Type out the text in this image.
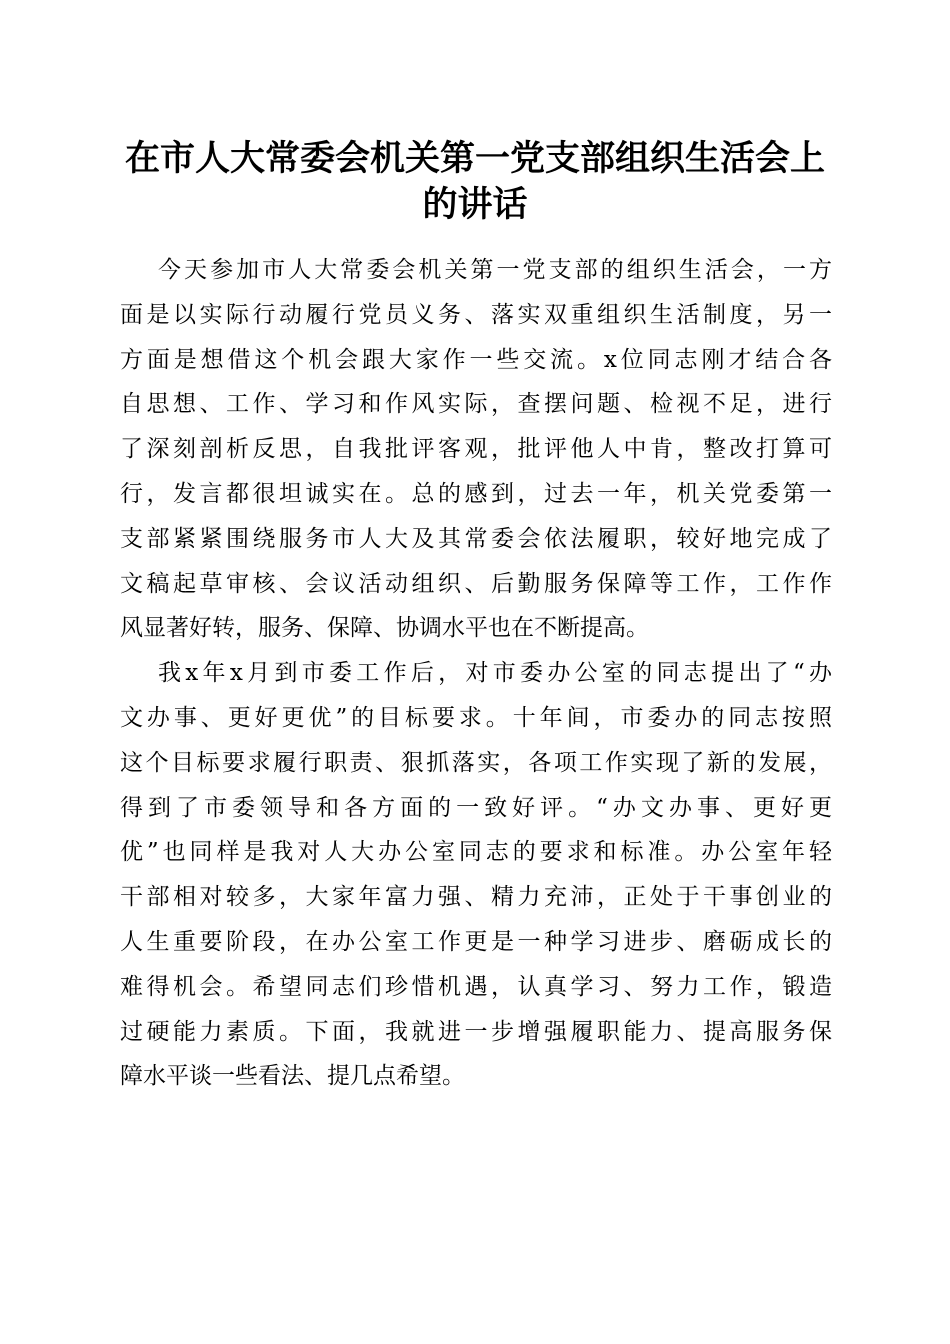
在市人大常委会机关第一党支部组织生活会上
的讲话
今天参加市人大常委会机关第一党支部的组织生活会，一方
面是以实际行动履行党员义务、落实双重组织生活制度，另一
方面是想借这个机会跟大家作一些交流。x位同志刚才结合各
自思想、工作、学习和作风实际，查摆问题、检视不足，进行
了深刻剖析反思，自我批评客观，批评他人中肯，整改打算可
行，发言都很坦诚实在。总的感到，过去一年，机关党委第一
支部紧紧围绕服务市人大及其常委会依法履职，较好地完成了
文稿起草审核、会议活动组织、后勤服务保障等工作，工作作
风显著好转，服务、保障、协调水平也在不断提高。
我x年x月到市委工作后，对市委办公室的同志提出了“办
文办事、更好更优”的目标要求。十年间，市委办的同志按照
这个目标要求履行职责、狠抓落实，各项工作实现了新的发展，
得到了市委领导和各方面的一致好评。“办文办事、更好更
优”也同样是我对人大办公室同志的要求和标准。办公室年轻
干部相对较多，大家年富力强、精力充沛，正处于干事创业的
人生重要阶段，在办公室工作更是一种学习进步、磨砺成长的
难得机会。希望同志们珍惜机遇，认真学习、努力工作，锻造
过硬能力素质。下面，我就进一步增强履职能力、提高服务保
障水平谈一些看法、提几点希望。
